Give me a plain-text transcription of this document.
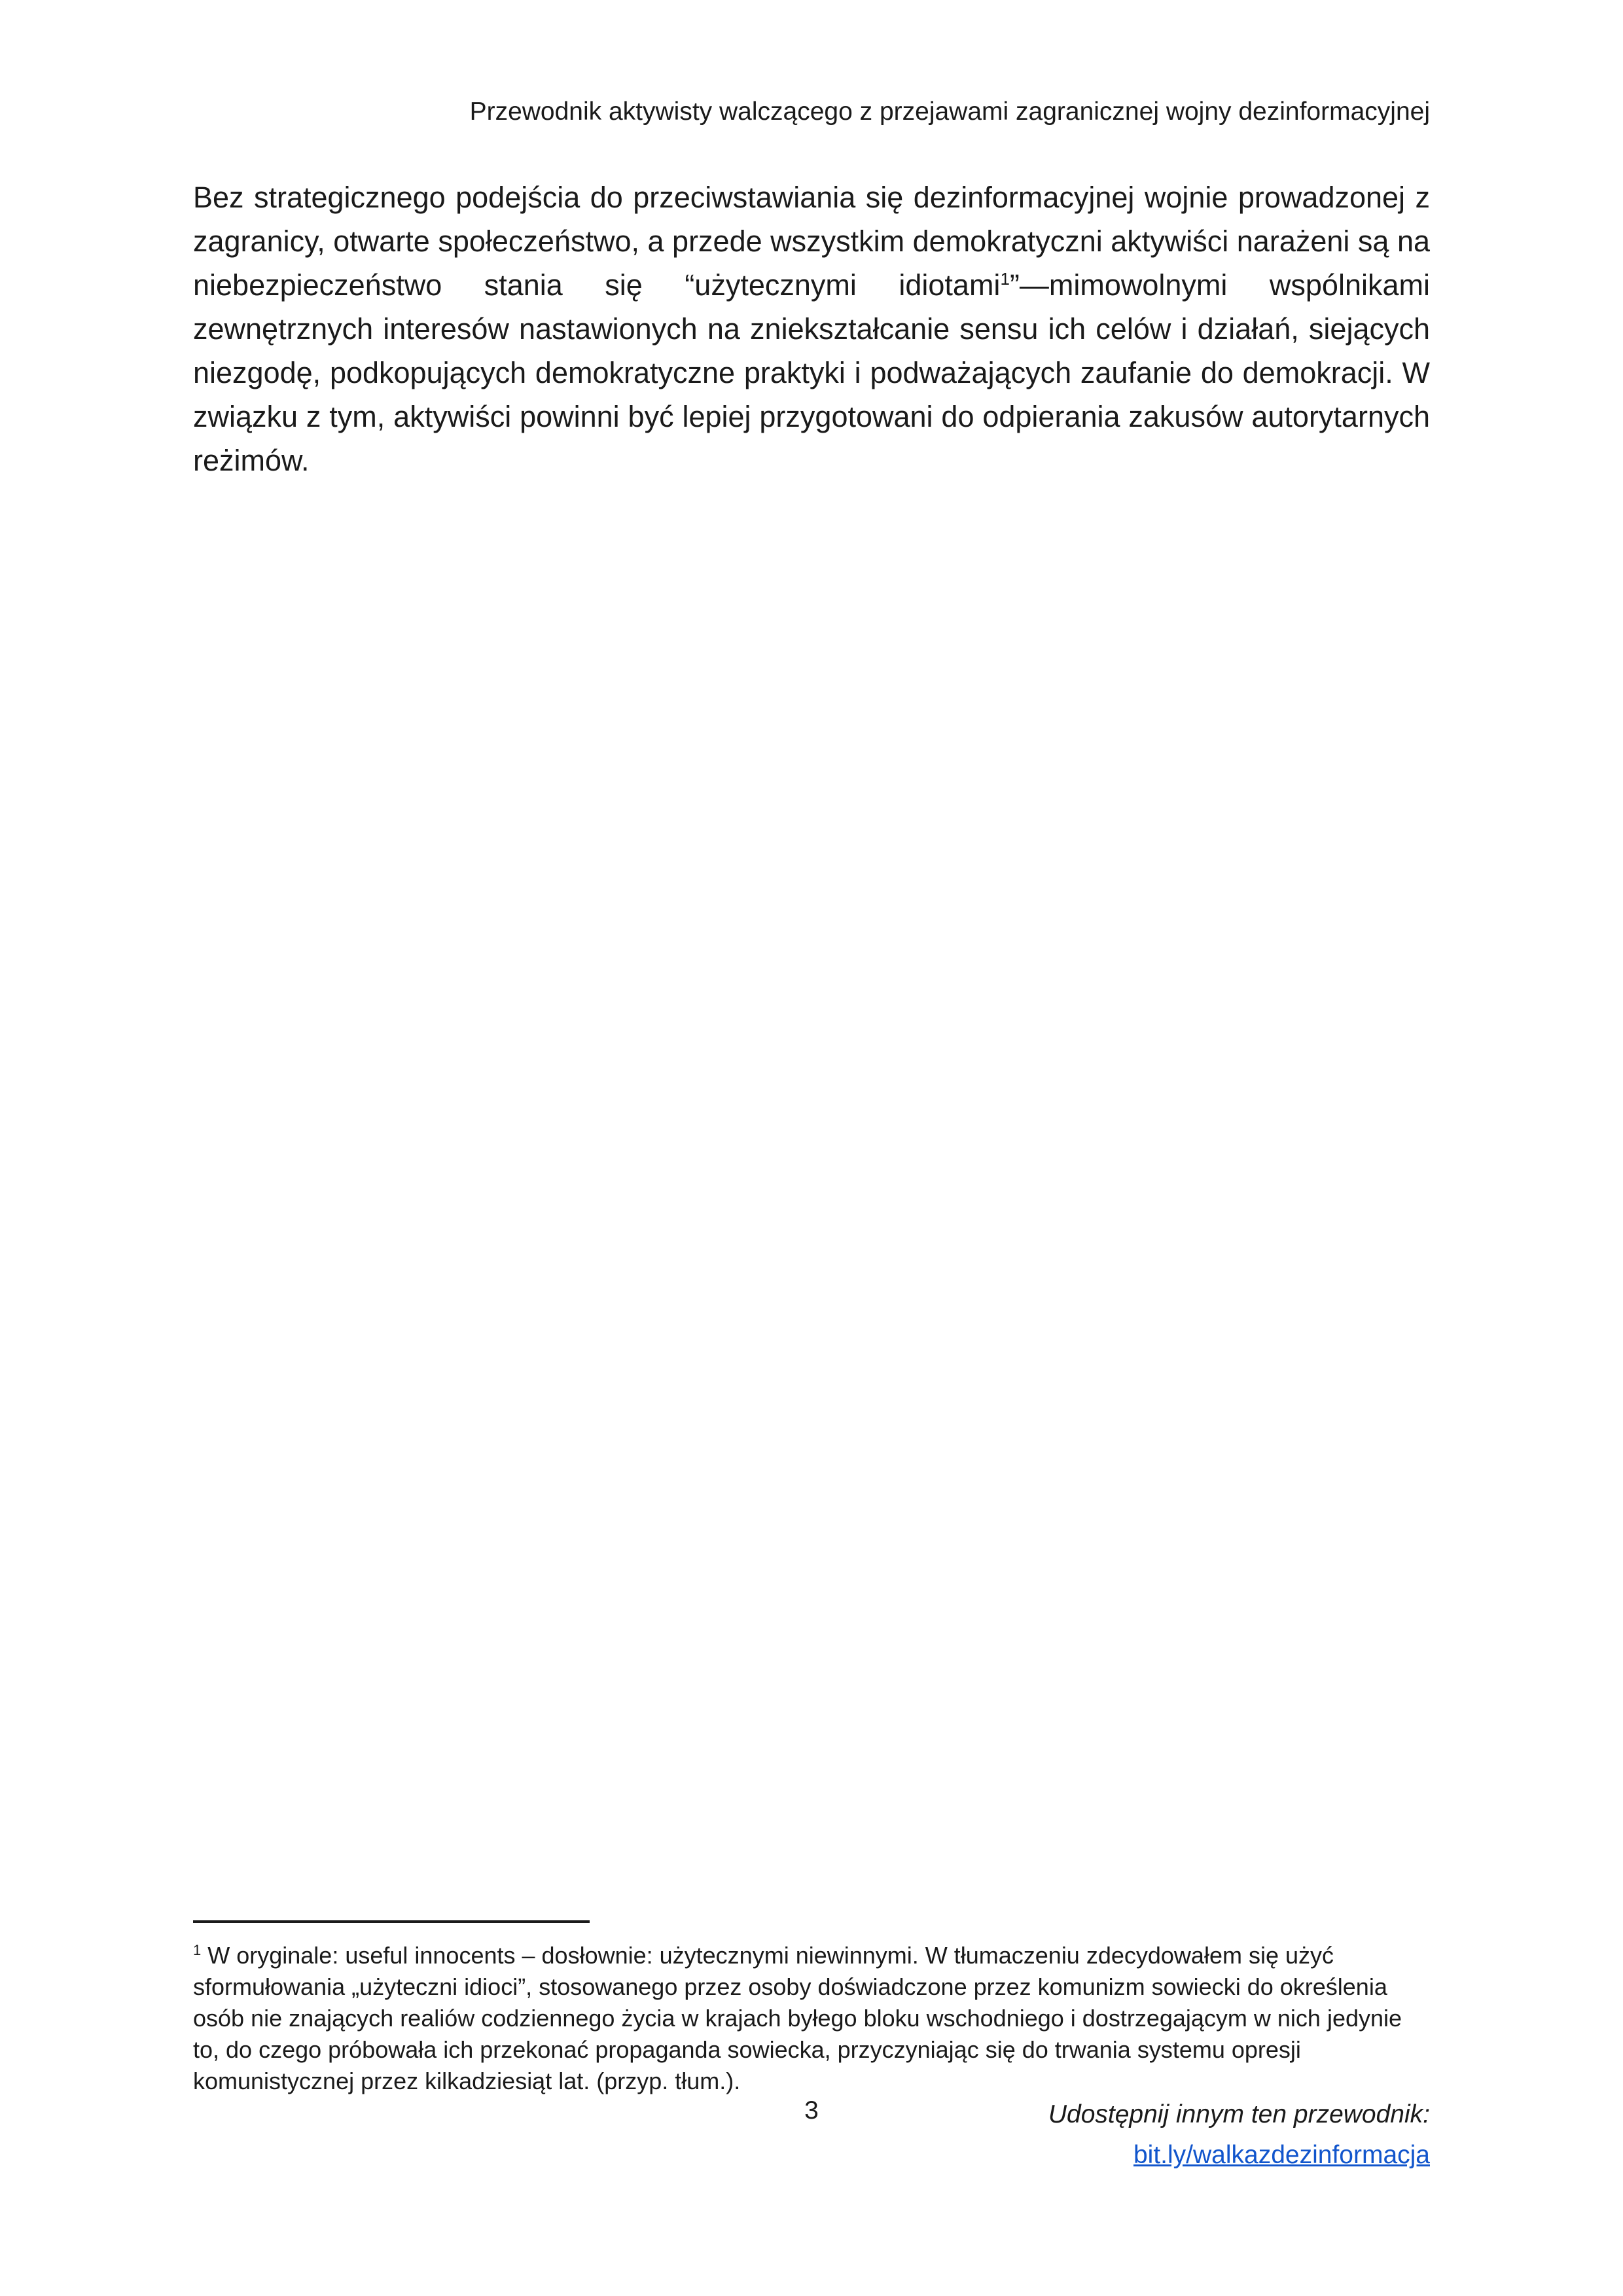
Przewodnik aktywisty walczącego z przejawami zagranicznej wojny dezinformacyjnej

Bez strategicznego podejścia do przeciwstawiania się dezinformacyjnej wojnie prowadzonej z zagranicy, otwarte społeczeństwo, a przede wszystkim demokratyczni aktywiści narażeni są na niebezpieczeństwo stania się “użytecznymi idiotami$^1$”—mimowolnymi wspólnikami zewnętrznych interesów nastawionych na zniekształcanie sensu ich celów i działań, siejących niezgodę, podkopujących demokratyczne praktyki i podważających zaufanie do demokracji. W związku z tym, aktywiści powinni być lepiej przygotowani do odpierania zakusów autorytarnych reżimów.

$^1$ W oryginale: useful innocents – dosłownie: użytecznymi niewinnymi. W tłumaczeniu zdecydowałem się użyć sformułowania „użyteczni idioci”, stosowanego przez osoby doświadczone przez komunizm sowiecki do określenia osób nie znających realiów codziennego życia w krajach byłego bloku wschodniego i dostrzegającym w nich jedynie to, do czego próbowała ich przekonać propaganda sowiecka, przyczyniając się do trwania systemu opresji komunistycznej przez kilkadziesiąt lat. (przyp. tłum.).

3	Udostępnij innym ten przewodnik:
bit.ly/walkazdezinformacja
